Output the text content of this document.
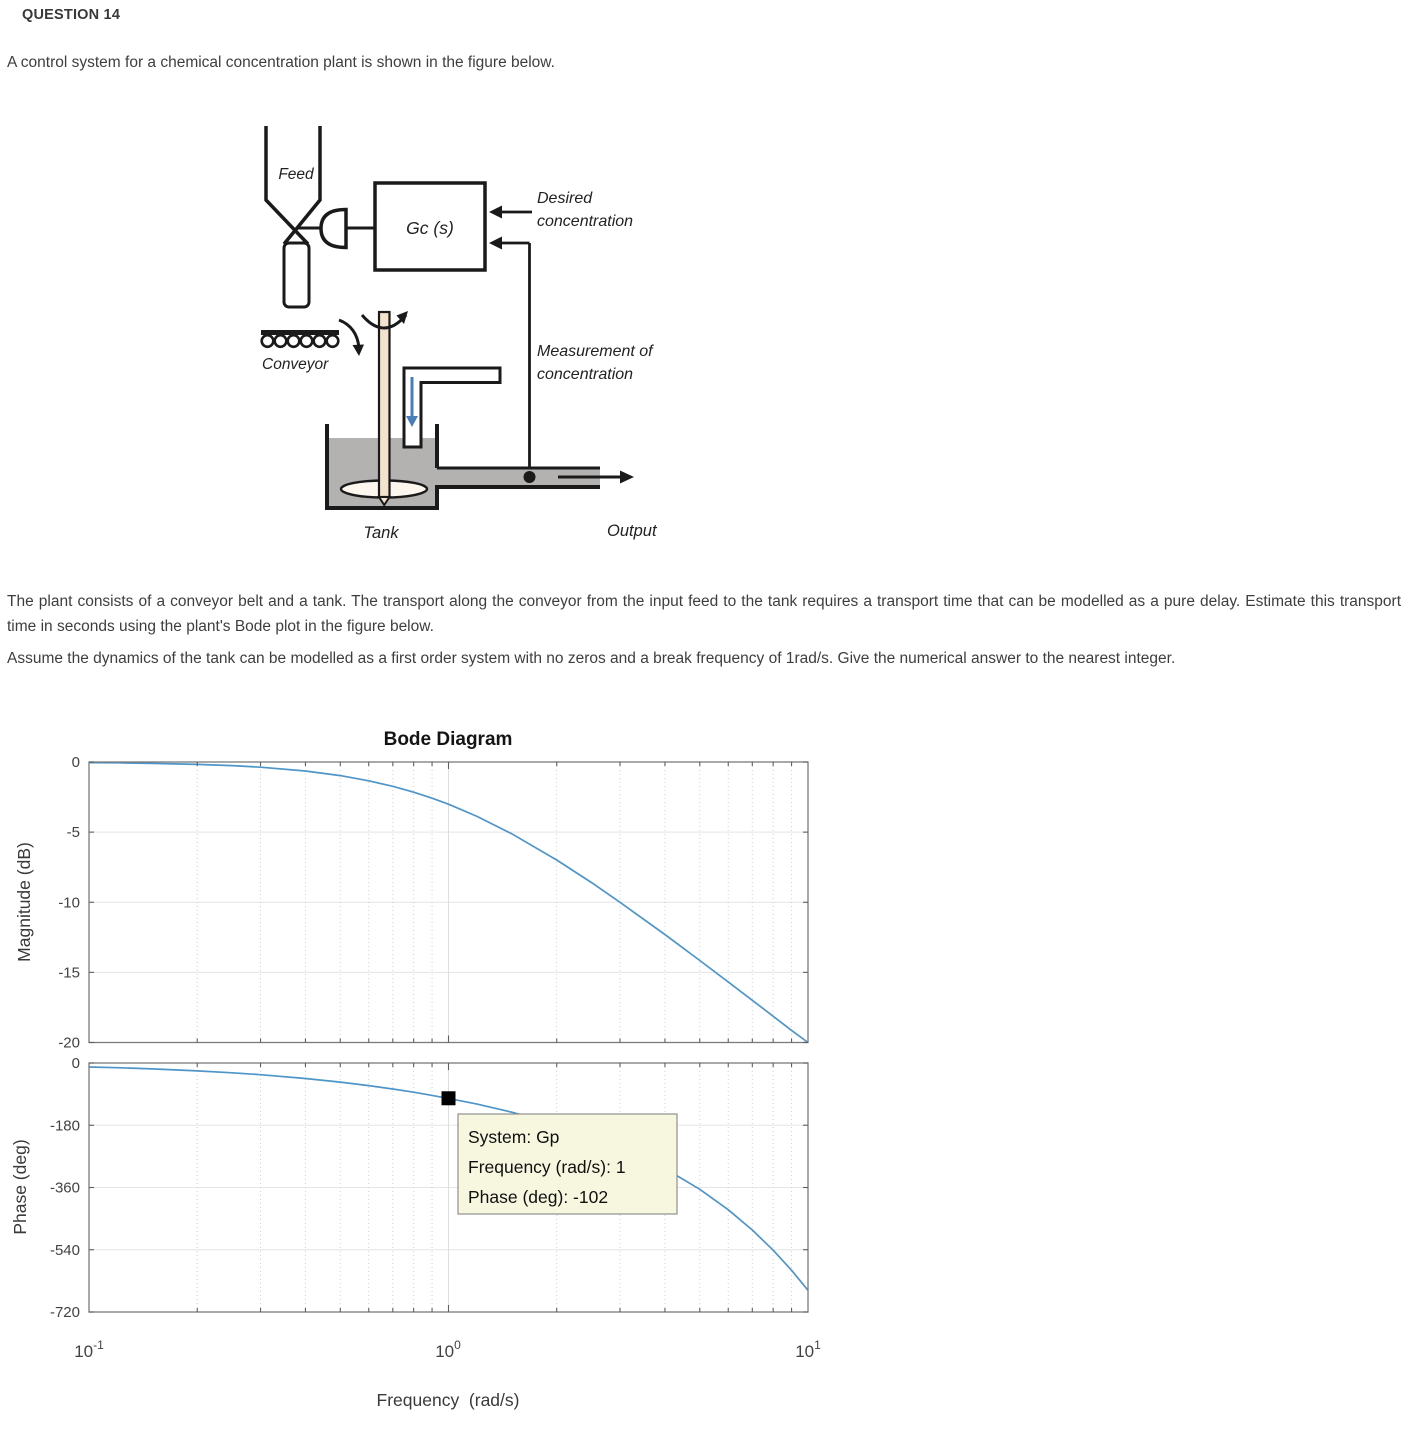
QUESTION 14
A control system for a chemical concentration plant is shown in the figure below.
Feed
Gc (s)
Desired
concentration
Measurement of
concentration
Conveyor
Tank	Output
The plant consists of a conveyor belt and a tank. The transport along the conveyor from the input feed to the tank requires a transport time that can be modelled as a pure delay. Estimate this transport time in seconds using the plant's Bode plot in the figure below.
Assume the dynamics of the tank can be modelled as a first order system with no zeros and a break frequency of 1rad/s. Give the numerical answer to the nearest integer.
0
-5
-10
-15
-20
0
-180
-360
-540
-720
Bode Diagram
Magnitude (dB)
Phase (deg)
$10^{-1}$	$10^0$	$10^1$
Frequency  (rad/s)
System: Gp
Frequency (rad/s): 1
Phase (deg): -102
